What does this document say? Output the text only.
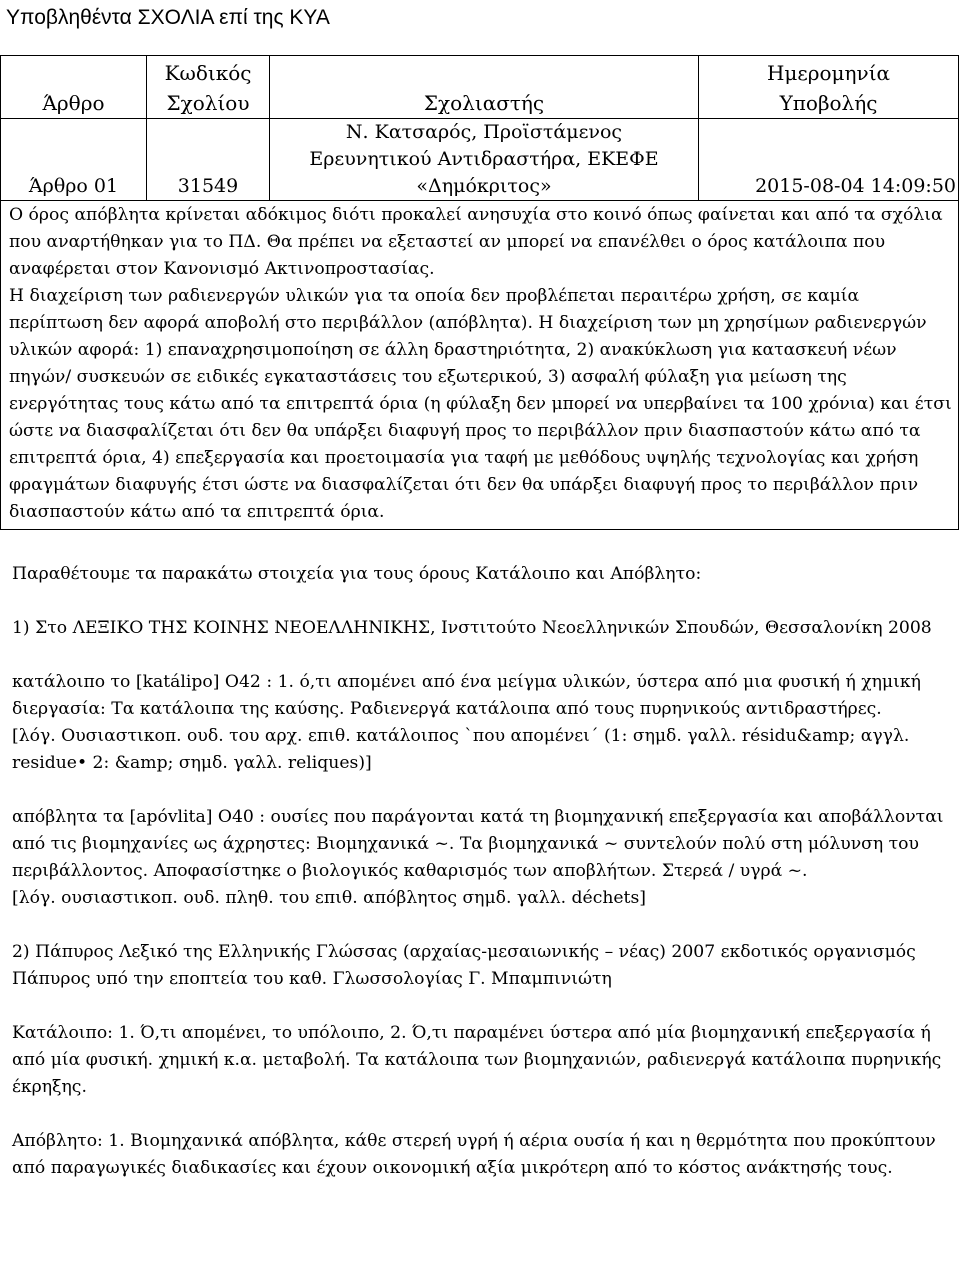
Υποβληθέντα ΣΧΟΛΙΑ επί της ΚΥΑ
Άρθρο	Κωδικός Σχολίου	Σχολιαστής	Ημερομηνία Υποβολής

Άρθρο 01	31549	Ν. Κατσαρός, Προϊστάμενος Ερευνητικού Αντιδραστήρα, ΕΚΕΦΕ «Δημόκριτος»	2015-08-04 14:09:50

Ο όρος απόβλητα κρίνεται αδόκιμος διότι προκαλεί ανησυχία στο κοινό όπως φαίνεται και από τα σχόλια που αναρτήθηκαν για το ΠΔ. Θα πρέπει να εξεταστεί αν μπορεί να επανέλθει ο όρος κατάλοιπα που αναφέρεται στον Κανονισμό Ακτινοπροστασίας.

Η διαχείριση των ραδιενεργών υλικών για τα οποία δεν προβλέπεται περαιτέρω χρήση, σε καμία περίπτωση δεν αφορά αποβολή στο περιβάλλον (απόβλητα). Η διαχείριση των μη χρησίμων ραδιενεργών υλικών αφορά: 1) επαναχρησιμοποίηση σε άλλη δραστηριότητα, 2) ανακύκλωση για κατασκευή νέων πηγών/ συσκευών σε ειδικές εγκαταστάσεις του εξωτερικού, 3) ασφαλή φύλαξη για μείωση της ενεργότητας τους κάτω από τα επιτρεπτά όρια (η φύλαξη δεν μπορεί να υπερβαίνει τα 100 χρόνια) και έτσι ώστε να διασφαλίζεται ότι δεν θα υπάρξει διαφυγή προς το περιβάλλον πριν διασπαστούν κάτω από τα επιτρεπτά όρια, 4) επεξεργασία και προετοιμασία για ταφή με μεθόδους υψηλής τεχνολογίας και χρήση φραγμάτων διαφυγής έτσι ώστε να διασφαλίζεται ότι δεν θα υπάρξει διαφυγή προς το περιβάλλον πριν διασπαστούν κάτω από τα επιτρεπτά όρια.			

Παραθέτουμε τα παρακάτω στοιχεία για τους όρους Κατάλοιπο και Απόβλητο:

1) Στο ΛΕΞΙΚΟ ΤΗΣ ΚΟΙΝΗΣ ΝΕΟΕΛΛΗΝΙΚΗΣ, Ινστιτούτο Νεοελληνικών Σπουδών, Θεσσαλονίκη 2008

κατάλοιπο το [katálipo] O42 : 1. ό,τι απομένει από ένα μείγμα υλικών, ύστερα από μια φυσική ή χημική διεργασία: Τα κατάλοιπα της καύσης. Ραδιενεργά κατάλοιπα από τους πυρηνικούς αντιδραστήρες.

[λόγ. Ουσιαστικοπ. ουδ. του αρχ. επιθ. κατάλοιπος `που απομένει΄ (1: σημδ. γαλλ. résidu&amp; αγγλ. residue• 2: &amp; σημδ. γαλλ. reliques)]

απόβλητα τα [apóvlita] O40 : ουσίες που παράγονται κατά τη βιομηχανική επεξεργασία και αποβάλλονται από τις βιομηχανίες ως άχρηστες: Βιομηχανικά ~. Τα βιομηχανικά ~ συντελούν πολύ στη μόλυνση του περιβάλλοντος. Αποφασίστηκε ο βιολογικός καθαρισμός των αποβλήτων. Στερεά / υγρά ~.

[λόγ. ουσιαστικοπ. ουδ. πληθ. του επιθ. απόβλητος σημδ. γαλλ. déchets]

2) Πάπυρος Λεξικό της Ελληνικής Γλώσσας (αρχαίας-μεσαιωνικής – νέας) 2007 εκδοτικός οργανισμός Πάπυρος υπό την εποπτεία του καθ. Γλωσσολογίας Γ. Μπαμπινιώτη

Κατάλοιπο: 1. Ό,τι απομένει, το υπόλοιπο, 2. Ό,τι παραμένει ύστερα από μία βιομηχανική επεξεργασία ή από μία φυσική. χημική κ.α. μεταβολή. Τα κατάλοιπα των βιομηχανιών, ραδιενεργά κατάλοιπα πυρηνικής έκρηξης.

Απόβλητο: 1. Βιομηχανικά απόβλητα, κάθε στερεή υγρή ή αέρια ουσία ή και η θερμότητα που προκύπτουν από παραγωγικές διαδικασίες και έχουν οικονομική αξία μικρότερη από το κόστος ανάκτησής τους.
